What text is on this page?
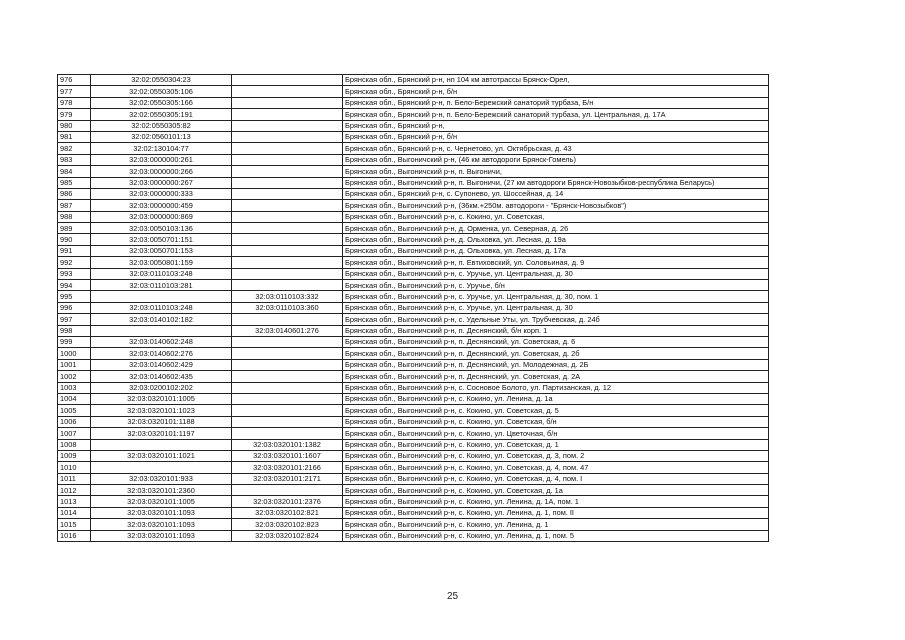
976	32:02:0550304:23		Брянская обл., Брянский р-н, нп 104 км автотрассы Брянск-Орел,
977	32:02:0550305:106		Брянская обл., Брянский р-н, б/н
978	32:02:0550305:166		Брянская обл., Брянский р-н, п. Бело-Бережский санаторий турбаза, Б/н
979	32:02:0550305:191		Брянская обл., Брянский р-н, п. Бело-Бережский санаторий турбаза, ул. Центральная, д. 17А
980	32:02:0550305:82		Брянская обл., Брянский р-н,
981	32:02:0560101:13		Брянская обл., Брянский р-н, б/н
982	32:02:130104:77		Брянская обл., Брянский р-н, с. Чернетово, ул. Октябрьская, д. 43
983	32:03:0000000:261		Брянская обл., Выгоничский р-н, (46 км автодороги Брянск-Гомель)
984	32:03:0000000:266		Брянская обл., Выгоничский р-н, п. Выгоничи,
985	32:03:0000000:267		Брянская обл., Выгоничский р-н, п. Выгоничи, (27 км автодороги Брянск-Новозыбков-республика Беларусь)
986	32:03:0000000:333		Брянская обл., Брянский р-н, с. Супонево, ул. Шоссейная, д. 14
987	32:03:0000000:459		Брянская обл., Выгоничский р-н, (36км.+250м. автодороги - "Брянск-Новозыбков")
988	32:03:0000000:869		Брянская обл., Выгоничский р-н, с. Кокино, ул. Советская,
989	32:03:0050103:136		Брянская обл., Выгоничский р-н, д. Орменка, ул. Северная, д. 26
990	32:03:0050701:151		Брянская обл., Выгоничский р-н, д. Ольховка, ул. Лесная, д. 19а
991	32:03:0050701:153		Брянская обл., Выгоничский р-н, д. Ольховка, ул. Лесная, д. 17а
992	32:03:0050801:159		Брянская обл., Выгоничский р-н, п. Евтиховский, ул. Соловьиная, д. 9
993	32:03:0110103:248		Брянская обл., Выгоничский р-н, с. Уручье, ул. Центральная, д. 30
994	32:03:0110103:281		Брянская обл., Выгоничский р-н, с. Уручье, б/н
995		32:03:0110103:332	Брянская обл., Выгоничский р-н, с. Уручье, ул. Центральная, д. 30, пом. 1
996	32:03:0110103:248	32:03:0110103:360	Брянская обл., Выгоничский р-н, с. Уручье, ул. Центральная, д. 30
997	32:03:0140102:182		Брянская обл., Выгоничский р-н, с. Удельные Уты, ул. Трубчевская, д. 24б
998		32:03:0140601:276	Брянская обл., Выгоничский р-н, п. Деснянский, б/н корп. 1
999	32:03:0140602:248		Брянская обл., Выгоничский р-н, п. Деснянский, ул. Советская, д. 6
1000	32:03:0140602:276		Брянская обл., Выгоничский р-н, п. Деснянский, ул. Советская, д. 2б
1001	32:03:0140602:429		Брянская обл., Выгоничский р-н, п. Деснянский, ул. Молодежная, д. 2Б
1002	32:03:0140602:435		Брянская обл., Выгоничский р-н, п. Деснянский, ул. Советская, д. 2А
1003	32:03:0200102:202		Брянская обл., Выгоничский р-н, с. Сосновое Болото, ул. Партизанская, д. 12
1004	32:03:0320101:1005		Брянская обл., Выгоничский р-н, с. Кокино, ул. Ленина, д. 1а
1005	32:03:0320101:1023		Брянская обл., Выгоничский р-н, с. Кокино, ул. Советская, д. 5
1006	32:03:0320101:1188		Брянская обл., Выгоничский р-н, с. Кокино, ул. Советская, б/н
1007	32:03:0320101:1197		Брянская обл., Выгоничский р-н, с. Кокино, ул. Цветочная, б/н
1008		32:03:0320101:1382	Брянская обл., Выгоничский р-н, с. Кокино, ул. Советская, д. 1
1009	32:03:0320101:1021	32:03:0320101:1607	Брянская обл., Выгоничский р-н, с. Кокино, ул. Советская, д. 3, пом. 2
1010		32:03:0320101:2166	Брянская обл., Выгоничский р-н, с. Кокино, ул. Советская, д. 4, пом. 47
1011	32:03:0320101:933	32:03:0320101:2171	Брянская обл., Выгоничский р-н, с. Кокино, ул. Советская, д. 4, пом. I
1012	32:03:0320101:2360		Брянская обл., Выгоничский р-н, с. Кокино, ул. Советская, д. 1а
1013	32:03:0320101:1005	32:03:0320101:2376	Брянская обл., Выгоничский р-н, с. Кокино, ул. Ленина, д. 1А, пом. 1
1014	32:03:0320101:1093	32:03:0320102:821	Брянская обл., Выгоничский р-н, с. Кокино, ул. Ленина, д. 1, пом. II
1015	32:03:0320101:1093	32:03:0320102:823	Брянская обл., Выгоничский р-н, с. Кокино, ул. Ленина, д. 1
1016	32:03:0320101:1093	32:03:0320102:824	Брянская обл., Выгоничский р-н, с. Кокино, ул. Ленина, д. 1, пом. 5
25
